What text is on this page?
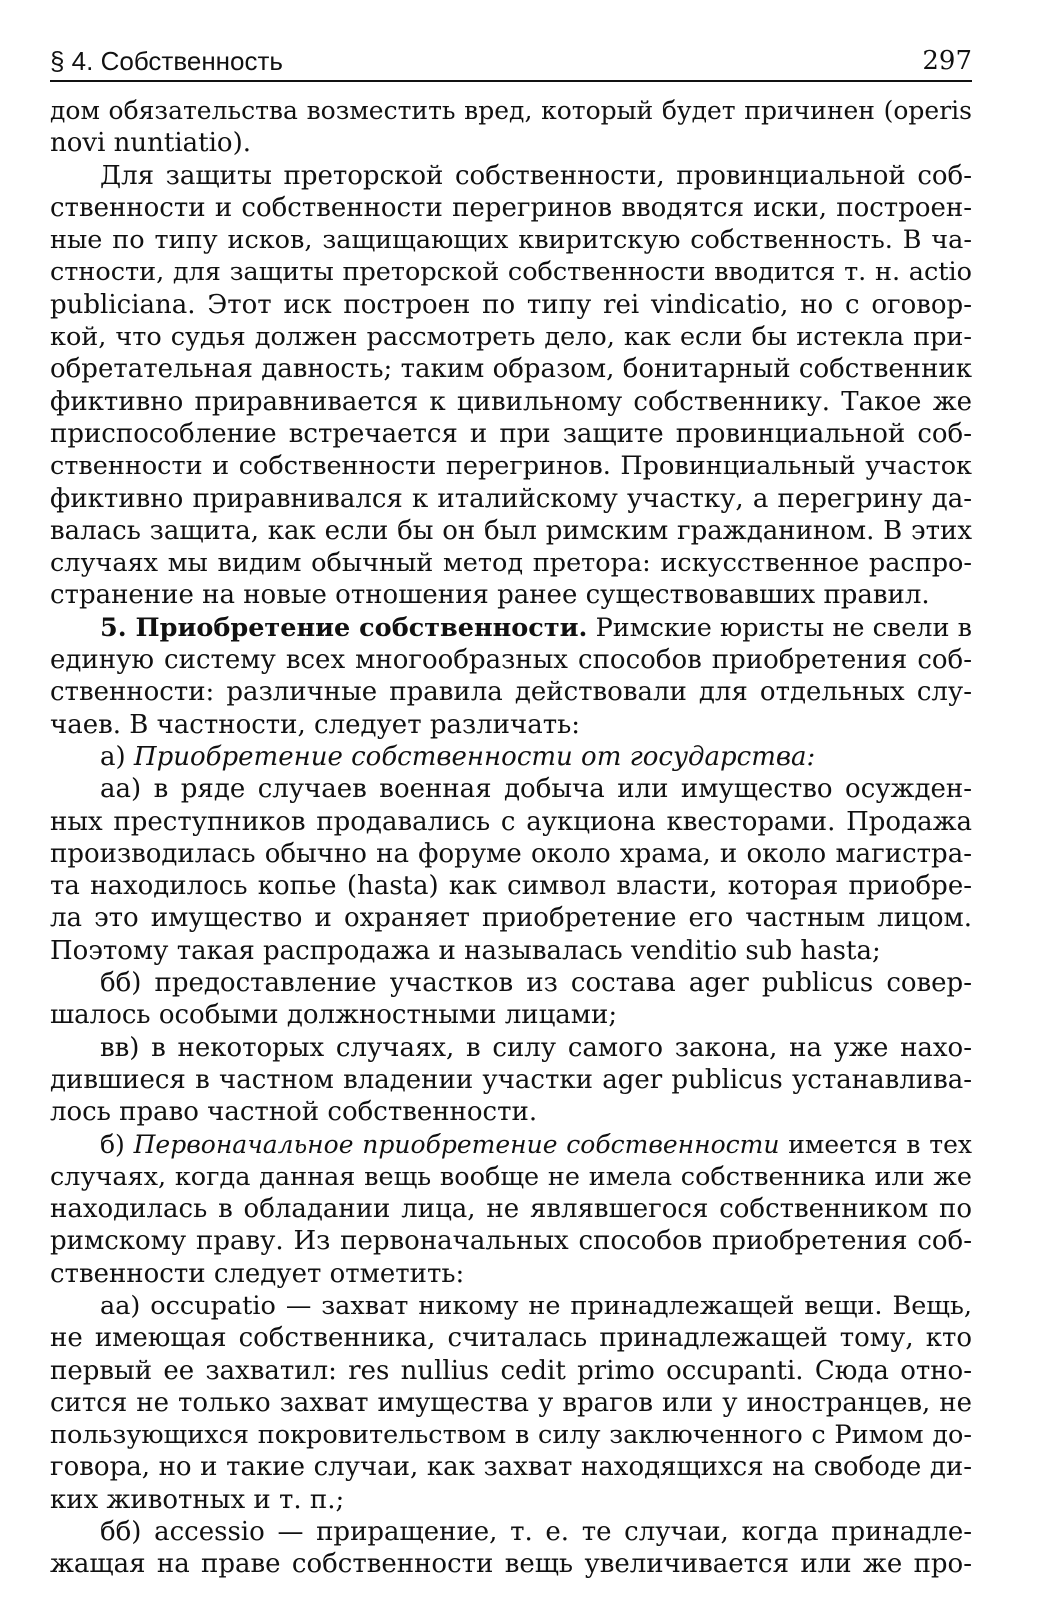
§ 4. Собственность	297

дом обязательства возместить вред, который будет причинен (operis
novi nuntiatio).

Для защиты преторской собственности, провинциальной соб-
ственности и собственности перегринов вводятся иски, построен-
ные по типу исков, защищающих квиритскую собственность. В ча-
стности, для защиты преторской собственности вводится т. н. actio
publiciana. Этот иск построен по типу rei vindicatio, но с оговор-
кой, что судья должен рассмотреть дело, как если бы истекла при-
обретательная давность; таким образом, бонитарный собственник
фиктивно приравнивается к цивильному собственнику. Такое же
приспособление встречается и при защите провинциальной соб-
ственности и собственности перегринов. Провинциальный участок
фиктивно приравнивался к италийскому участку, а перегрину да-
валась защита, как если бы он был римским гражданином. В этих
случаях мы видим обычный метод претора: искусственное распро-
странение на новые отношения ранее существовавших правил.

5. Приобретение собственности. Римские юристы не свели в
единую систему всех многообразных способов приобретения соб-
ственности: различные правила действовали для отдельных слу-
чаев. В частности, следует различать:

а) Приобретение собственности от государства:

аа) в ряде случаев военная добыча или имущество осужден-
ных преступников продавались с аукциона квесторами. Продажа
производилась обычно на форуме около храма, и около магистра-
та находилось копье (hasta) как символ власти, которая приобре-
ла это имущество и охраняет приобретение его частным лицом.
Поэтому такая распродажа и называлась venditio sub hasta;

бб) предоставление участков из состава ager publicus совер-
шалось особыми должностными лицами;

вв) в некоторых случаях, в силу самого закона, на уже нахо-
дившиеся в частном владении участки ager publicus устанавлива-
лось право частной собственности.

б) Первоначальное приобретение собственности имеется в тех
случаях, когда данная вещь вообще не имела собственника или же
находилась в обладании лица, не являвшегося собственником по
римскому праву. Из первоначальных способов приобретения соб-
ственности следует отметить:

аа) occupatio — захват никому не принадлежащей вещи. Вещь,
не имеющая собственника, считалась принадлежащей тому, кто
первый ее захватил: res nullius cedit primo occupanti. Сюда отно-
сится не только захват имущества у врагов или у иностранцев, не
пользующихся покровительством в силу заключенного с Римом до-
говора, но и такие случаи, как захват находящихся на свободе ди-
ких животных и т. п.;

бб) accessio — приращение, т. е. те случаи, когда принадле-
жащая на праве собственности вещь увеличивается или же про-
